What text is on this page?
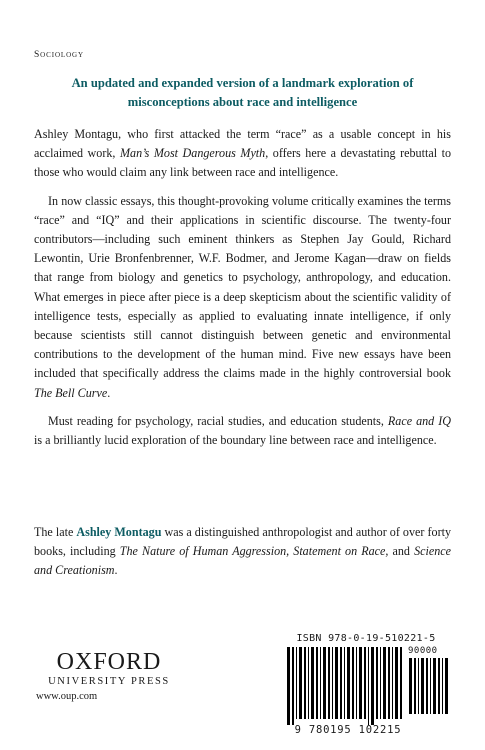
Sociology
An updated and expanded version of a landmark exploration of misconceptions about race and intelligence

Ashley Montagu, who first attacked the term “race” as a usable concept in his acclaimed work, Man’s Most Dangerous Myth, offers here a devastating rebuttal to those who would claim any link between race and intelligence.

In now classic essays, this thought-provoking volume critically examines the terms “race” and “IQ” and their applications in scientific discourse. The twenty-four contributors—including such eminent thinkers as Stephen Jay Gould, Richard Lewontin, Urie Bronfenbrenner, W.F. Bodmer, and Jerome Kagan—draw on fields that range from biology and genetics to psychology, anthropology, and education. What emerges in piece after piece is a deep skepticism about the scientific validity of intelligence tests, especially as applied to evaluating innate intelligence, if only because scientists still cannot distinguish between genetic and environmental contributions to the development of the human mind. Five new essays have been included that specifically address the claims made in the highly controversial book The Bell Curve.

Must reading for psychology, racial studies, and education students, Race and IQ is a brilliantly lucid exploration of the boundary line between race and intelligence.

The late Ashley Montagu was a distinguished anthropologist and author of over forty books, including The Nature of Human Aggression, Statement on Race, and Science and Creationism.

OXFORD
UNIVERSITY PRESS
www.oup.com
ISBN 978-0-19-510221-5
90000
9 780195 102215
